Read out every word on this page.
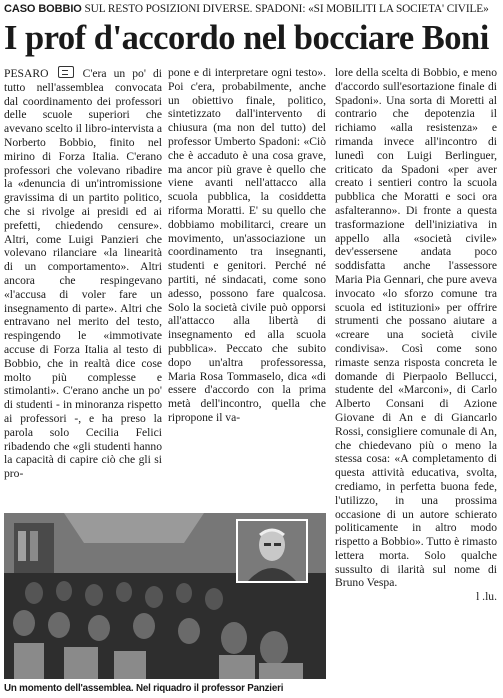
CASO BOBBIO SUL RESTO POSIZIONI DIVERSE. SPADONI: «SI MOBILITI LA SOCIETA' CIVILE»
I prof d'accordo nel bocciare Boni

PESARO	C'era un po' di tutto nell'assemblea convocata dal coordinamento dei professori delle scuole superiori che avevano scelto il libro-intervista a Norberto Bobbio, finito nel mirino di Forza Italia. C'erano professori che volevano ribadire la «denuncia di un'intromissione gravissima di un partito politico, che si rivolge ai presidi ed ai prefetti, chiedendo censure». Altri, come Luigi Panzieri che volevano rilanciare «la linearità di un comportamento». Altri ancora che respingevano «l'accusa di voler fare un insegnamento di parte». Altri che entravano nel merito del testo, respingendo le «immotivate accuse di Forza Italia al testo di Bobbio, che in realtà dice cose molto più complesse e stimolanti». C'erano anche un po' di studenti - in minoranza rispetto ai professori -, e ha preso la parola solo Cecilia Felici ribadendo che «gli studenti hanno la capacità di capire ciò che gli si pro-

pone e di interpretare ogni testo». Poi c'era, probabilmente, anche un obiettivo finale, politico, sintetizzato dall'intervento di chiusura (ma non del tutto) del professor Umberto Spadoni: «Ciò che è accaduto è una cosa grave, ma ancor più grave è quello che viene avanti nell'attacco alla scuola pubblica, la cosiddetta riforma Moratti. E' su quello che dobbiamo mobilitarci, creare un movimento, un'associazione un coordinamento tra insegnanti, studenti e genitori. Perché né partiti, né sindacati, come sono adesso, possono fare qualcosa. Solo la società civile può opporsi all'attacco alla libertà di insegnamento ed alla scuola pubblica». Peccato che subito dopo un'altra professoressa, Maria Rosa Tommaselo, dica «di essere d'accordo con la prima metà dell'incontro, quella che ripropone il va-

lore della scelta di Bobbio, e meno d'accordo sull'esortazione finale di Spadoni». Una sorta di Moretti al contrario che depotenzia il richiamo «alla resistenza» e rimanda invece all'incontro di lunedì con Luigi Berlinguer, criticato da Spadoni «per aver creato i sentieri contro la scuola pubblica che Moratti e soci ora asfalteranno». Di fronte a questa trasformazione dell'iniziativa in appello alla «società civile» dev'essersene andata poco soddisfatta anche l'assessore Maria Pia Gennari, che pure aveva invocato «lo sforzo comune tra scuola ed istituzioni» per offrire strumenti che possano aiutare a «creare una società civile condivisa». Così come sono rimaste senza risposta concreta le domande di Pierpaolo Bellucci, studente del «Marconi», di Carlo Alberto Consani di Azione Giovane di An e di Giancarlo Rossi, consigliere comunale di An, che chiedevano più o meno la stessa cosa: «A completamento di questa attività educativa, svolta, crediamo, in perfetta buona fede, l'utilizzo, in una prossima occasione di un autore schierato politicamente in altro modo rispetto a Bobbio». Tutto è rimasto lettera morta. Solo qualche sussulto di ilarità sul nome di Bruno Vespa.

l .lu.
Un momento dell'assemblea. Nel riquadro il professor Panzieri
